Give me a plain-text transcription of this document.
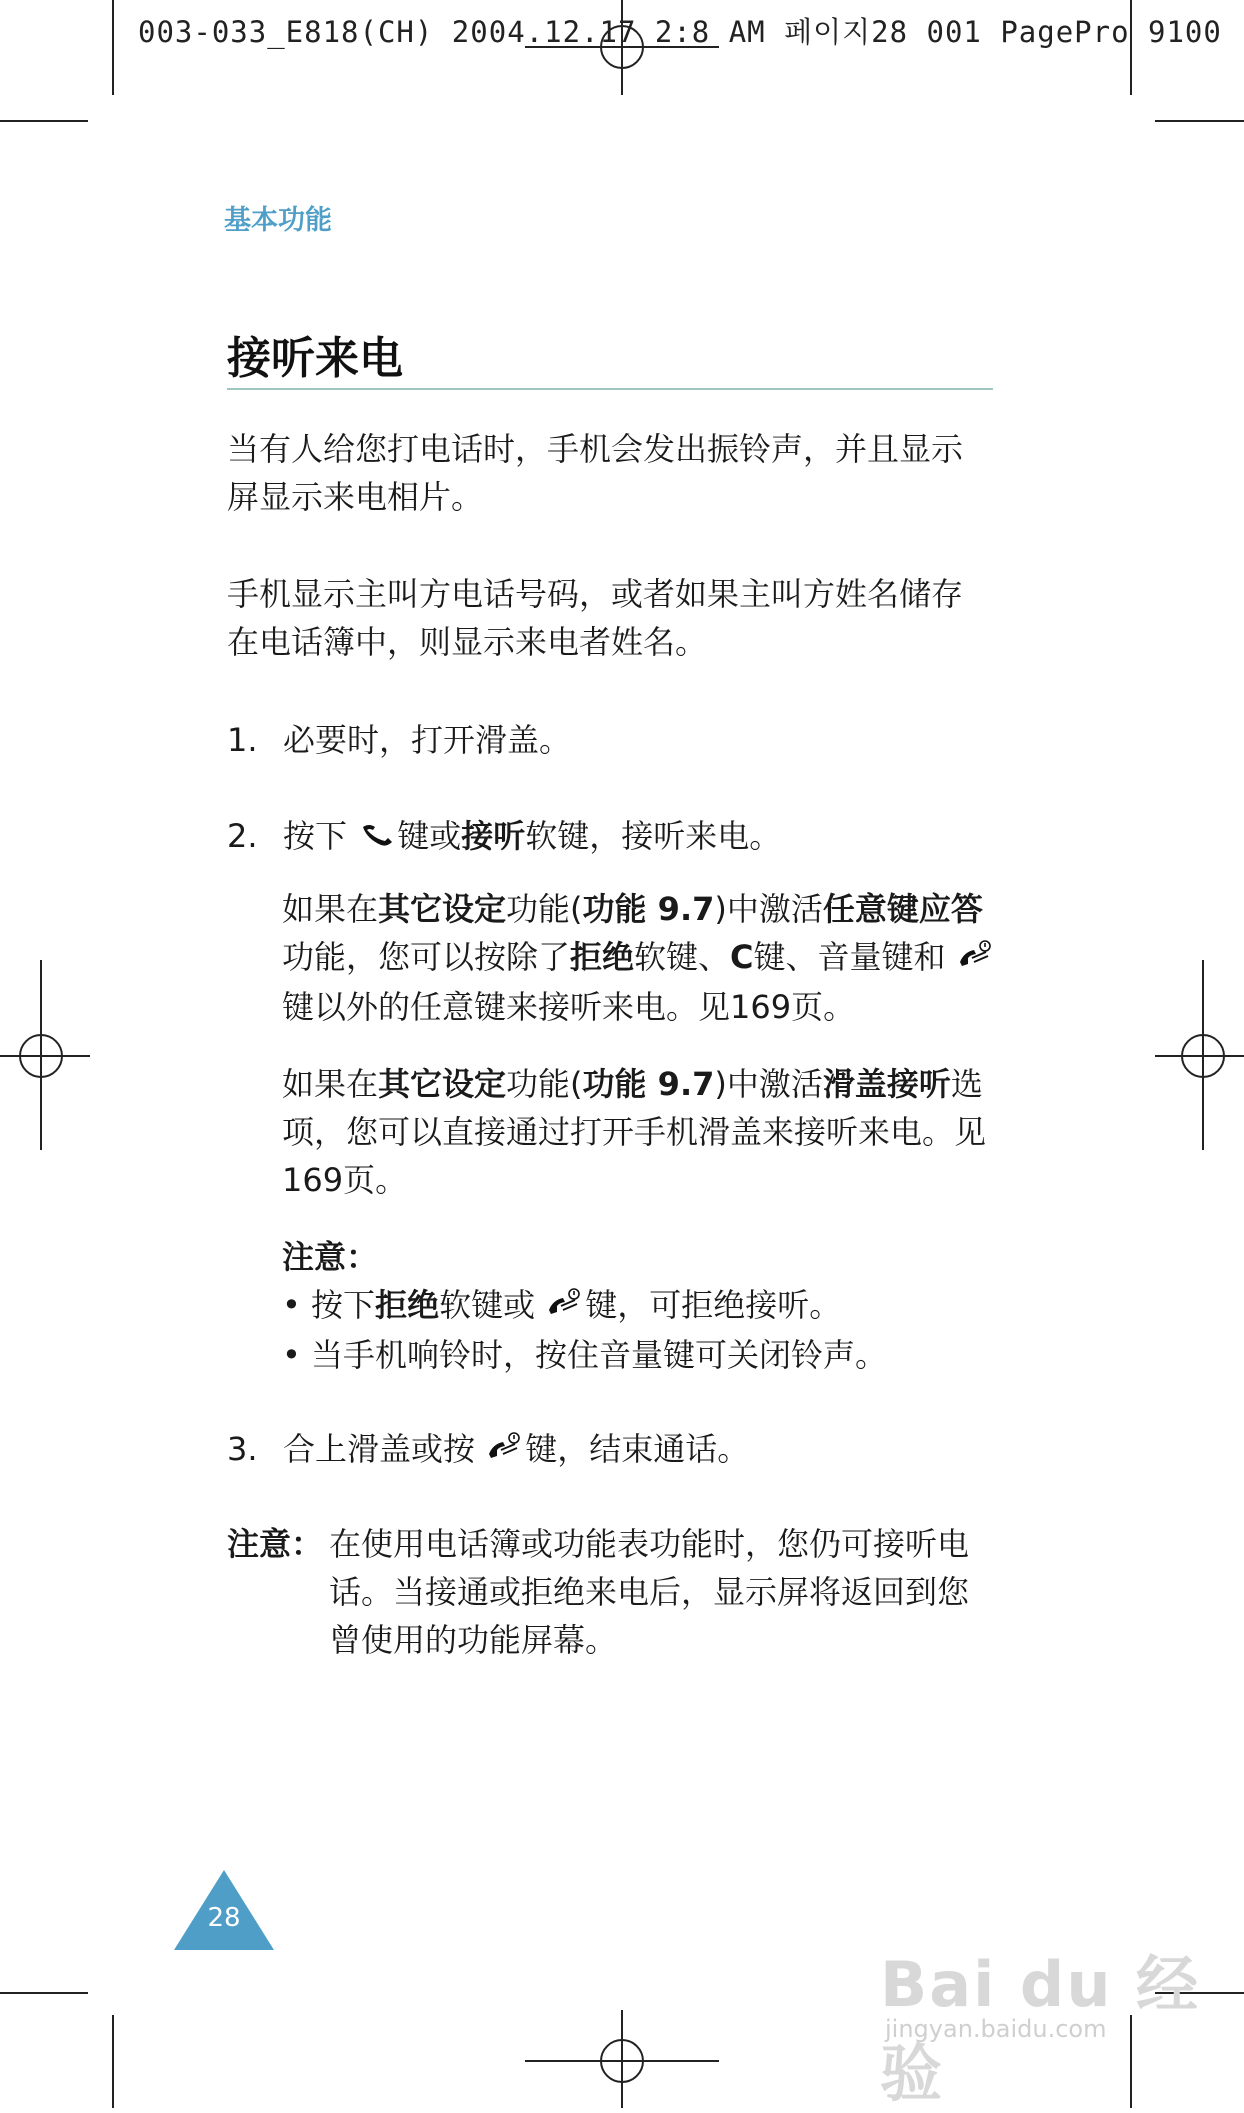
003-033_E818(CH) 2004.12.17 2:8 AM 페이지28 001 PagePro 9100
基本功能
接听来电
当有人给您打电话时，手机会发出振铃声，并且显示屏显示来电相片。
手机显示主叫方电话号码，或者如果主叫方姓名储存在电话簿中，则显示来电者姓名。
1. 必要时，打开滑盖。
2. 按下 键或接听软键，接听来电。
如果在其它设定功能(功能 9.7)中激活任意键应答功能，您可以按除了拒绝软键、C键、音量键和 键以外的任意键来接听来电。见169页。
如果在其它设定功能(功能 9.7)中激活滑盖接听选项，您可以直接通过打开手机滑盖来接听来电。见169页。
注意：
• 按下拒绝软键或 键，可拒绝接听。
• 当手机响铃时，按住音量键可关闭铃声。
3. 合上滑盖或按 键，结束通话。
注意： 在使用电话簿或功能表功能时，您仍可接听电话。当接通或拒绝来电后，显示屏将返回到您曾使用的功能屏幕。
28
Bai du 经验
jingyan.baidu.com
